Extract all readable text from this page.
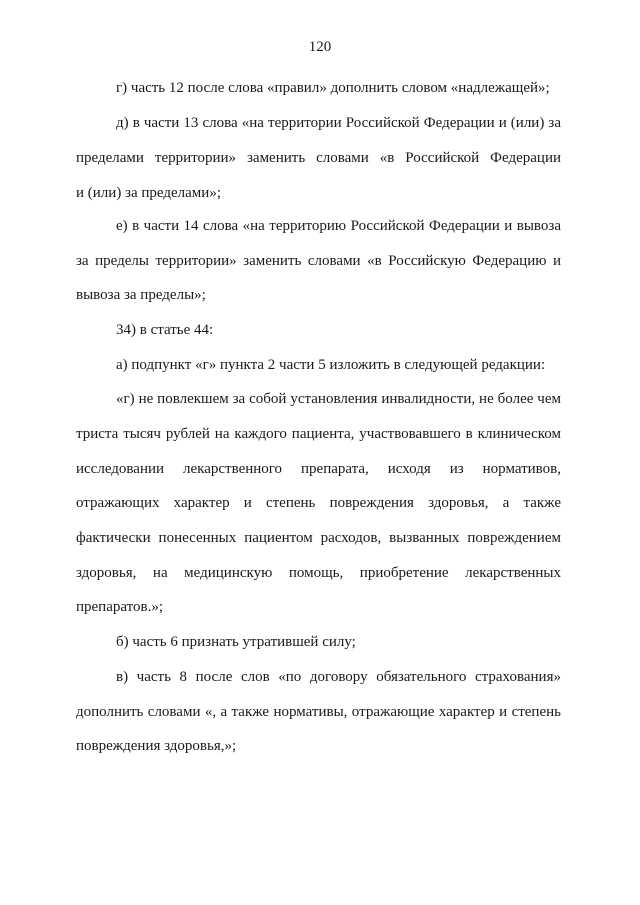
120
г) часть 12 после слова «правил» дополнить словом «надлежащей»;
д) в части 13 слова «на территории Российской Федерации и (или) за
пределами территории» заменить словами «в Российской Федерации
и (или) за пределами»;
е) в части 14 слова «на территорию Российской Федерации и вывоза
за пределы территории» заменить словами «в Российскую Федерацию и
вывоза за пределы»;
34) в статье 44:
а) подпункт «г» пункта 2 части 5 изложить в следующей редакции:
«г) не повлекшем за собой установления инвалидности, не более чем
триста тысяч рублей на каждого пациента, участвовавшего в клиническом
исследовании лекарственного препарата, исходя из нормативов,
отражающих характер и степень повреждения здоровья, а также
фактически понесенных пациентом расходов, вызванных повреждением
здоровья, на медицинскую помощь, приобретение лекарственных
препаратов.»;
б) часть 6 признать утратившей силу;
в) часть 8 после слов «по договору обязательного страхования»
дополнить словами «, а также нормативы, отражающие характер и степень
повреждения здоровья,»;
